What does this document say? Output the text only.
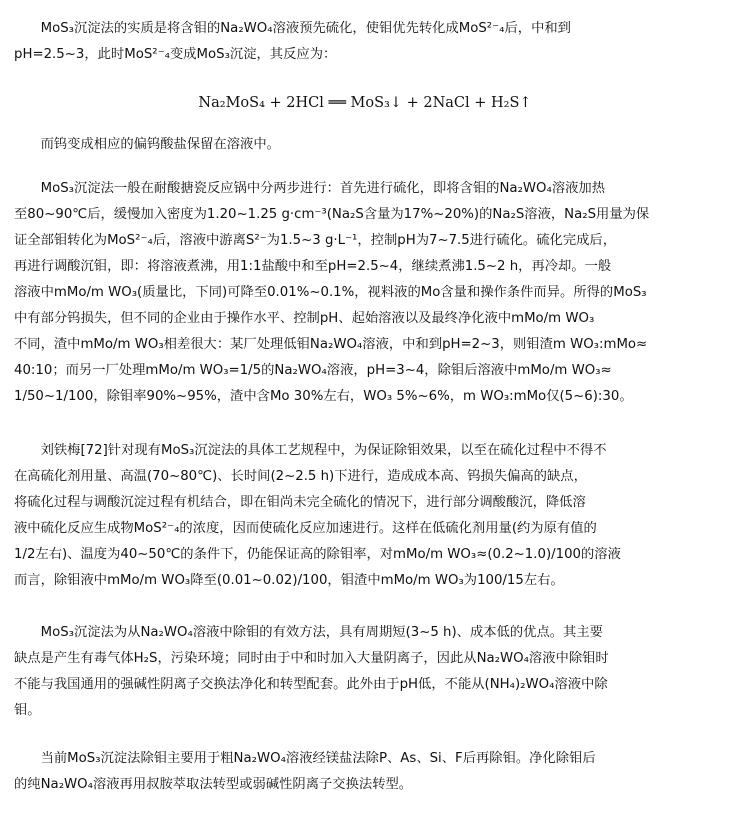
　　MoS₃沉淀法的实质是将含钼的Na₂WO₄溶液预先硫化，使钼优先转化成MoS²⁻₄后，中和到
pH=2.5~3，此时MoS²⁻₄变成MoS₃沉淀，其反应为：
Na₂MoS₄ + 2HCl ══ MoS₃↓ + 2NaCl + H₂S↑
　　而钨变成相应的偏钨酸盐保留在溶液中。
　　MoS₃沉淀法一般在耐酸搪瓷反应锅中分两步进行：首先进行硫化，即将含钼的Na₂WO₄溶液加热
至80~90℃后，缓慢加入密度为1.20~1.25 g·cm⁻³(Na₂S含量为17%~20%)的Na₂S溶液，Na₂S用量为保
证全部钼转化为MoS²⁻₄后，溶液中游离S²⁻为1.5~3 g·L⁻¹，控制pH为7~7.5进行硫化。硫化完成后，
再进行调酸沉钼，即：将溶液煮沸，用1:1盐酸中和至pH=2.5~4，继续煮沸1.5~2 h，再冷却。一般
溶液中mMo/m WO₃(质量比，下同)可降至0.01%~0.1%，视料液的Mo含量和操作条件而异。所得的MoS₃
中有部分钨损失，但不同的企业由于操作水平、控制pH、起始溶液以及最终净化液中mMo/m WO₃
不同，渣中mMo/m WO₃相差很大：某厂处理低钼Na₂WO₄溶液，中和到pH=2~3，则钼渣m WO₃:mMo≈
40:10；而另一厂处理mMo/m WO₃=1/5的Na₂WO₄溶液，pH=3~4，除钼后溶液中mMo/m WO₃≈
1/50~1/100，除钼率90%~95%，渣中含Mo 30%左右，WO₃ 5%~6%，m WO₃:mMo仅(5~6):30。
　　刘铁梅[72]针对现有MoS₃沉淀法的具体工艺规程中，为保证除钼效果，以至在硫化过程中不得不
在高硫化剂用量、高温(70~80℃)、长时间(2~2.5 h)下进行，造成成本高、钨损失偏高的缺点，
将硫化过程与调酸沉淀过程有机结合，即在钼尚未完全硫化的情况下，进行部分调酸酸沉，降低溶
液中硫化反应生成物MoS²⁻₄的浓度，因而使硫化反应加速进行。这样在低硫化剂用量(约为原有值的
1/2左右)、温度为40~50℃的条件下，仍能保证高的除钼率，对mMo/m WO₃≈(0.2~1.0)/100的溶液
而言，除钼液中mMo/m WO₃降至(0.01~0.02)/100，钼渣中mMo/m WO₃为100/15左右。
　　MoS₃沉淀法为从Na₂WO₄溶液中除钼的有效方法，具有周期短(3~5 h)、成本低的优点。其主要
缺点是产生有毒气体H₂S，污染环境；同时由于中和时加入大量阴离子，因此从Na₂WO₄溶液中除钼时
不能与我国通用的强碱性阴离子交换法净化和转型配套。此外由于pH低，不能从(NH₄)₂WO₄溶液中除
钼。
　　当前MoS₃沉淀法除钼主要用于粗Na₂WO₄溶液经镁盐法除P、As、Si、F后再除钼。净化除钼后
的纯Na₂WO₄溶液再用叔胺萃取法转型或弱碱性阴离子交换法转型。
